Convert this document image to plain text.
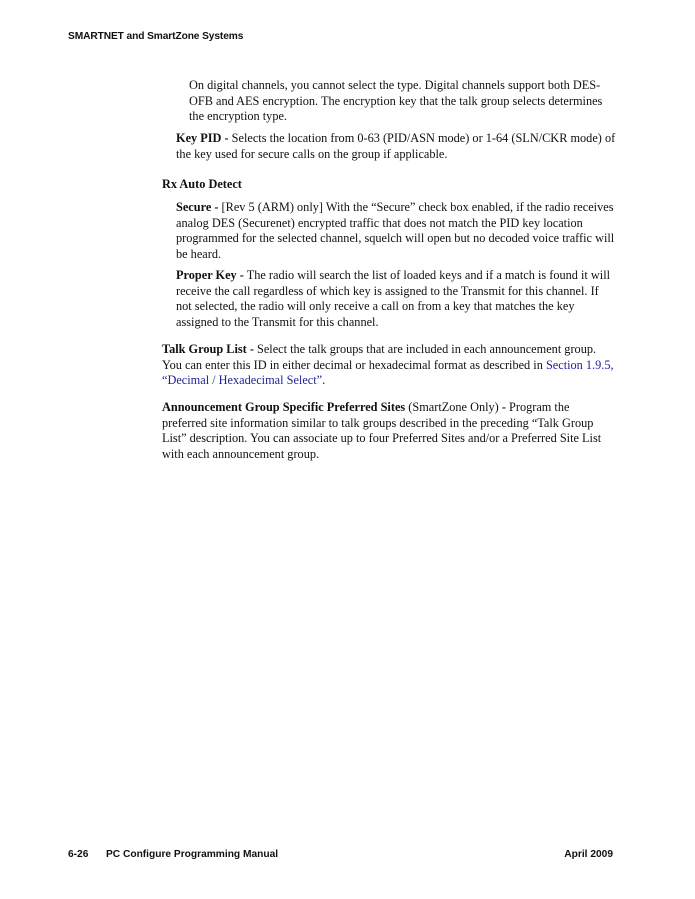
SMARTNET and SmartZone Systems

On digital channels, you cannot select the type. Digital channels support both DES-OFB and AES encryption. The encryption key that the talk group selects determines the encryption type.

Key PID - Selects the location from 0-63 (PID/ASN mode) or 1-64 (SLN/CKR mode) of the key used for secure calls on the group if applicable.

Rx Auto Detect

Secure - [Rev 5 (ARM) only] With the “Secure” check box enabled, if the radio receives analog DES (Securenet) encrypted traffic that does not match the PID key location programmed for the selected channel, squelch will open but no decoded voice traffic will be heard.

Proper Key - The radio will search the list of loaded keys and if a match is found it will receive the call regardless of which key is assigned to the Transmit for this channel. If not selected, the radio will only receive a call on from a key that matches the key assigned to the Transmit for this channel.

Talk Group List - Select the talk groups that are included in each announcement group. You can enter this ID in either decimal or hexadecimal format as described in Section 1.9.5, “Decimal / Hexadecimal Select”.

Announcement Group Specific Preferred Sites (SmartZone Only) - Program the preferred site information similar to talk groups described in the preceding “Talk Group List” description. You can associate up to four Preferred Sites and/or a Preferred Site List with each announcement group.

6-26	PC Configure Programming Manual	April 2009
